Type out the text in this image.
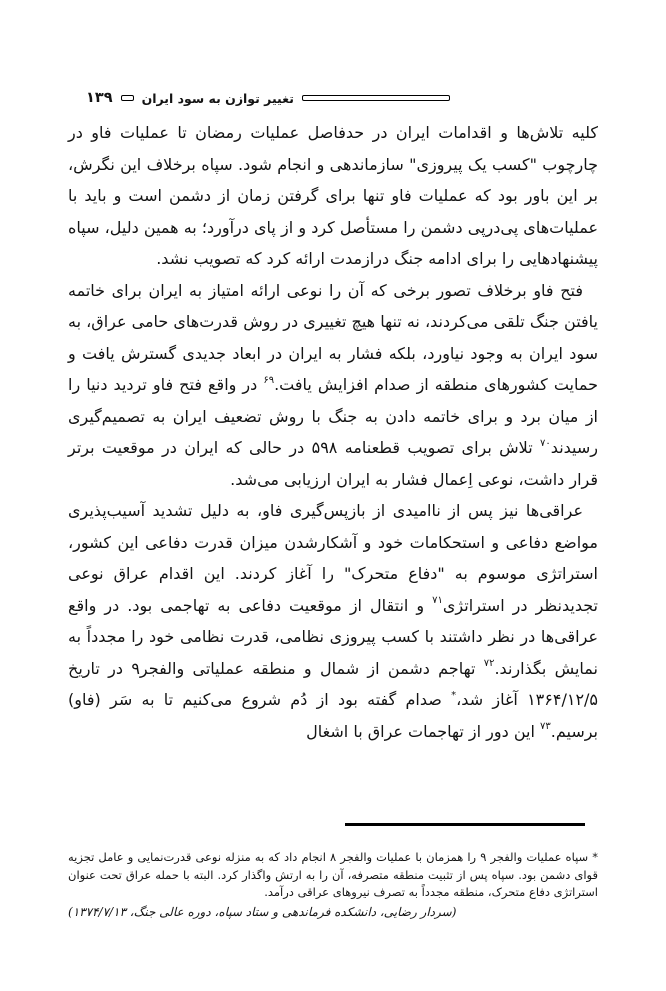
۱۳۹ تغییر توازن به سود ایران

کلیه تلاش‌ها و اقدامات ایران در حدفاصل عملیات رمضان تا عملیات فاو در چارچوب "کسب یک پیروزی" سازماندهی و انجام شود. سپاه برخلاف این نگرش، بر این باور بود که عملیات فاو تنها برای گرفتن زمان از دشمن است و باید با عملیات‌های پی‌درپی دشمن را مستأصل کرد و از پای درآورد؛ به همین دلیل، سپاه پیشنهادهایی را برای ادامه جنگ درازمدت ارائه کرد که تصویب نشد.

فتح فاو برخلاف تصور برخی که آن را نوعی ارائه امتیاز به ایران برای خاتمه یافتن جنگ تلقی می‌کردند، نه تنها هیچ تغییری در روش قدرت‌های حامی عراق، به سود ایران به وجود نیاورد، بلکه فشار به ایران در ابعاد جدیدی گسترش یافت و حمایت کشورهای منطقه از صدام افزایش یافت.$^{۶۹}$ در واقع فتح فاو تردید دنیا را از میان برد و برای خاتمه دادن به جنگ با روش تضعیف ایران به تصمیم‌گیری رسیدند$^{۷۰}$ تلاش برای تصویب قطعنامه ۵۹۸ در حالی که ایران در موقعیت برتر قرار داشت، نوعی اِعمال فشار به ایران ارزیابی می‌شد.

عراقی‌ها نیز پس از ناامیدی از بازپس‌گیری فاو، به دلیل تشدید آسیب‌پذیری مواضع دفاعی و استحکامات خود و آشکارشدن میزان قدرت دفاعی این کشور، استراتژی موسوم به "دفاع متحرک" را آغاز کردند. این اقدام عراق نوعی تجدیدنظر در استراتژی$^{۷۱}$ و انتقال از موقعیت دفاعی به تهاجمی بود. در واقع عراقی‌ها در نظر داشتند با کسب پیروزی نظامی، قدرت نظامی خود را مجدداً به نمایش بگذارند.$^{۷۲}$ تهاجم دشمن از شمال و منطقه عملیاتی والفجر۹ در تاریخ ۱۳۶۴/۱۲/۵ آغاز شد،* صدام گفته بود از دُم شروع می‌کنیم تا به سَر (فاو) برسیم.$^{۷۳}$ این دور از تهاجمات عراق با اشغال

* سپاه عملیات والفجر ۹ را همزمان با عملیات والفجر ۸ انجام داد که به منزله نوعی قدرت‌نمایی و عامل تجزیه قوای دشمن بود. سپاه پس از تثبیت منطقه متصرفه، آن را به ارتش واگذار کرد. البته با حمله عراق تحت عنوان استراتژی دفاع متحرک، منطقه مجدداً به تصرف نیروهای عراقی درآمد.

(سردار رضایی، دانشکده فرماندهی و ستاد سپاه، دوره عالی جنگ، ۱۳۷۴/۷/۱۳)
